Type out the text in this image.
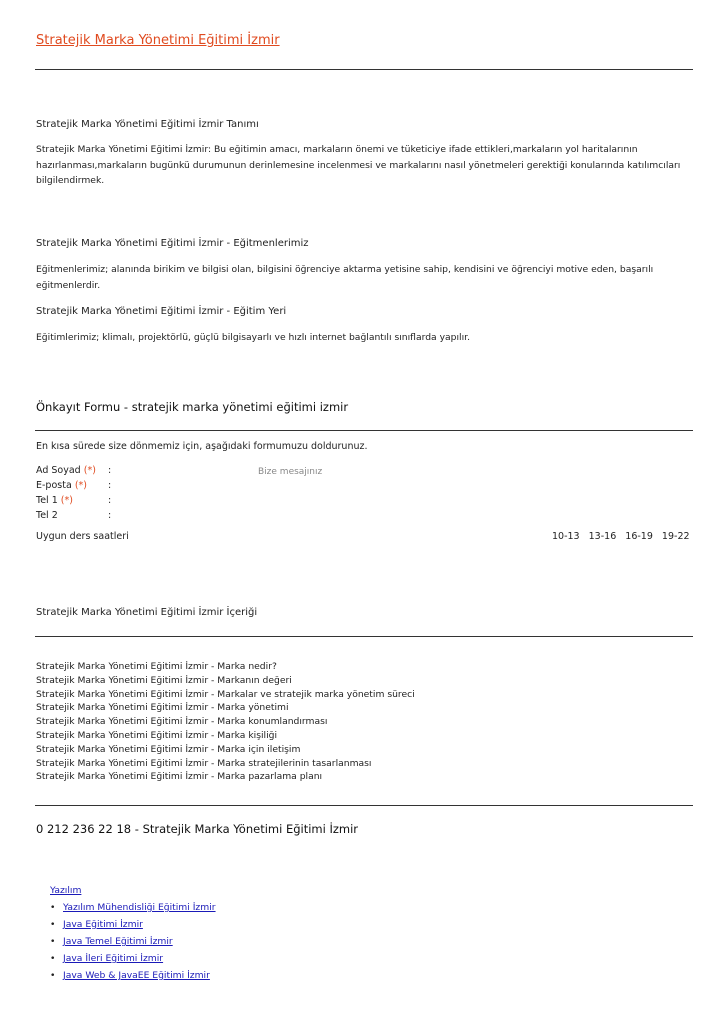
Stratejik Marka Yönetimi Eğitimi İzmir
Stratejik Marka Yönetimi Eğitimi İzmir Tanımı
Stratejik Marka Yönetimi Eğitimi İzmir: Bu eğitimin amacı, markaların önemi ve tüketiciye ifade ettikleri,markaların yol haritalarının hazırlanması,markaların bugünkü durumunun derinlemesine incelenmesi ve markalarını nasıl yönetmeleri gerektiği konularında katılımcıları bilgilendirmek.
Stratejik Marka Yönetimi Eğitimi İzmir - Eğitmenlerimiz
Eğitmenlerimiz; alanında birikim ve bilgisi olan, bilgisini öğrenciye aktarma yetisine sahip, kendisini ve öğrenciyi motive eden, başarılı eğitmenlerdir.
Stratejik Marka Yönetimi Eğitimi İzmir - Eğitim Yeri
Eğitimlerimiz; klimalı, projektörlü, güçlü bilgisayarlı ve hızlı internet bağlantılı sınıflarda yapılır.
Önkayıt Formu - stratejik marka yönetimi eğitimi izmir
En kısa sürede size dönmemiz için, aşağıdaki formumuzu doldurunuz.
Ad Soyad (*) :
E-posta (*) :
Tel 1 (*)	:
Tel 2	:
Bize mesajınız
Uygun ders saatleri	10-13 13-16 16-19 19-22
Stratejik Marka Yönetimi Eğitimi İzmir İçeriği
Stratejik Marka Yönetimi Eğitimi İzmir - Marka nedir?
Stratejik Marka Yönetimi Eğitimi İzmir - Markanın değeri
Stratejik Marka Yönetimi Eğitimi İzmir - Markalar ve stratejik marka yönetim süreci
Stratejik Marka Yönetimi Eğitimi İzmir - Marka yönetimi
Stratejik Marka Yönetimi Eğitimi İzmir - Marka konumlandırması
Stratejik Marka Yönetimi Eğitimi İzmir - Marka kişiliği
Stratejik Marka Yönetimi Eğitimi İzmir - Marka için iletişim
Stratejik Marka Yönetimi Eğitimi İzmir - Marka stratejilerinin tasarlanması
Stratejik Marka Yönetimi Eğitimi İzmir - Marka pazarlama planı
0 212 236 22 18 - Stratejik Marka Yönetimi Eğitimi İzmir
Yazılım
• Yazılım Mühendisliği Eğitimi İzmir
• Java Eğitimi İzmir
• Java Temel Eğitimi İzmir
• Java İleri Eğitimi İzmir
• Java Web & JavaEE Eğitimi İzmir
